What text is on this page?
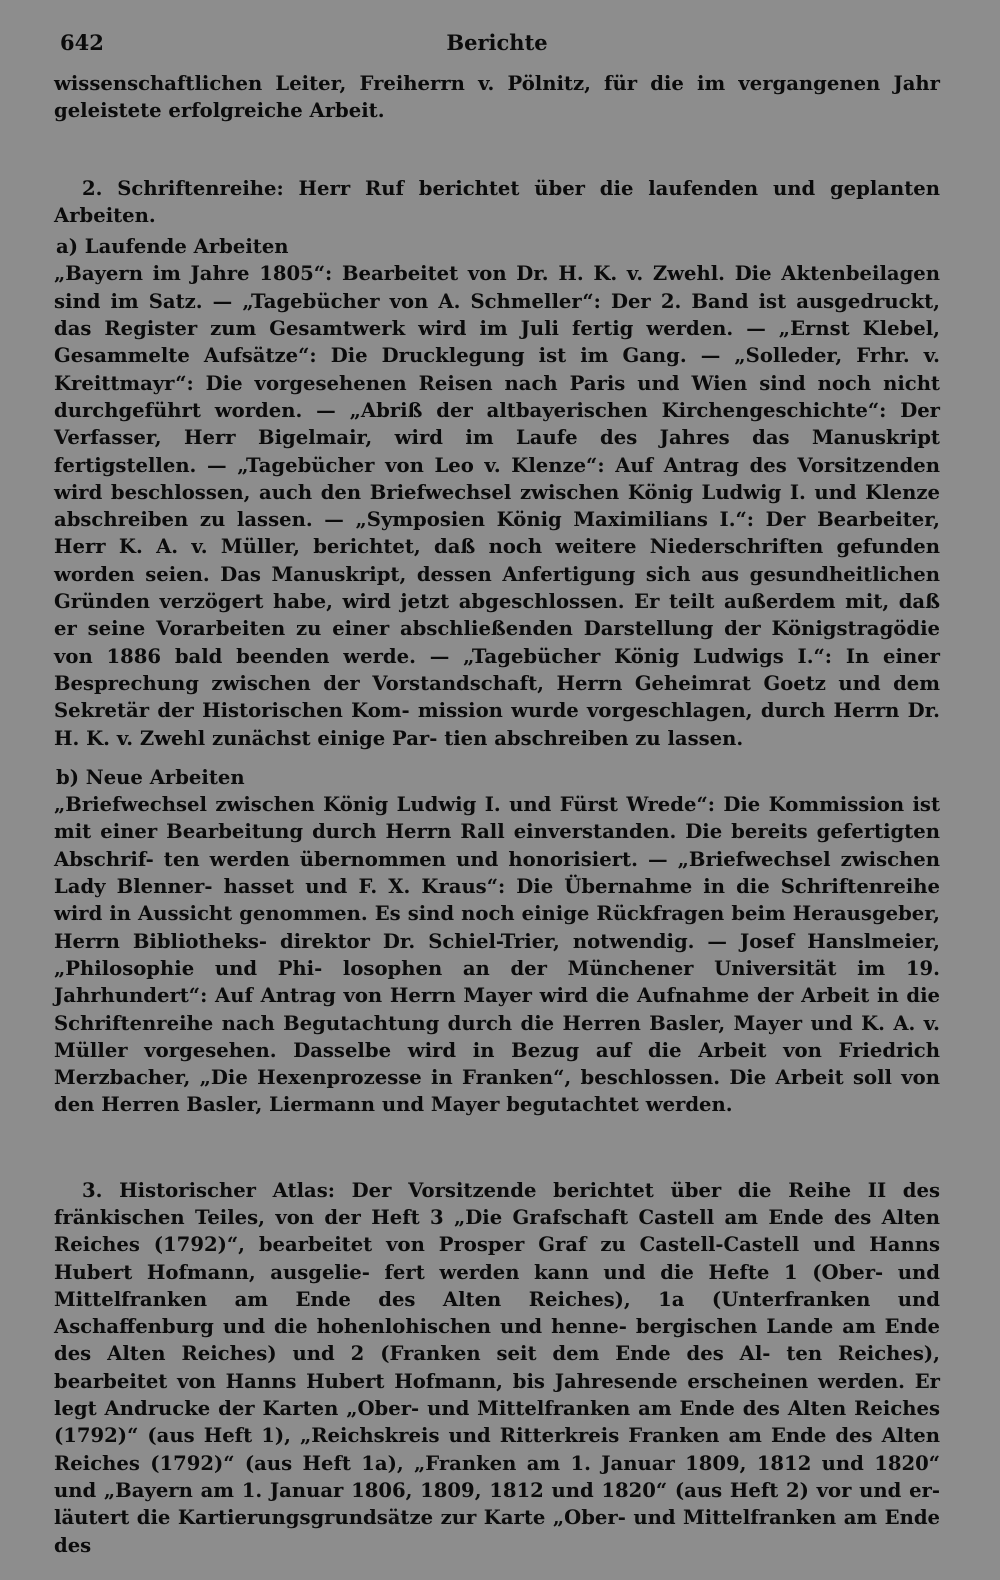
642	Berichte

wissenschaftlichen Leiter, Freiherrn v. Pölnitz, für die im vergangenen Jahr geleistete erfolgreiche Arbeit.

2. Schriftenreihe: Herr Ruf berichtet über die laufenden und geplanten Arbeiten.

a) Laufende Arbeiten

„Bayern im Jahre 1805“: Bearbeitet von Dr. H. K. v. Zwehl. Die Aktenbeilagen sind im Satz. — „Tagebücher von A. Schmeller“: Der 2. Band ist ausgedruckt, das Register zum Gesamtwerk wird im Juli fertig werden. — „Ernst Klebel, Gesammelte Aufsätze“: Die Drucklegung ist im Gang. — „Solleder, Frhr. v. Kreittmayr“: Die vorgesehenen Reisen nach Paris und Wien sind noch nicht durchgeführt worden. — „Abriß der altbayerischen Kirchengeschichte“: Der Verfasser, Herr Bigelmair, wird im Laufe des Jahres das Manuskript fertigstellen. — „Tagebücher von Leo v. Klenze“: Auf Antrag des Vorsitzenden wird beschlossen, auch den Briefwechsel zwischen König Ludwig I. und Klenze abschreiben zu lassen. — „Symposien König Maximilians I.“: Der Bearbeiter, Herr K. A. v. Müller, berichtet, daß noch weitere Niederschriften gefunden worden seien. Das Manuskript, dessen Anfertigung sich aus gesundheitlichen Gründen verzögert habe, wird jetzt abgeschlossen. Er teilt außerdem mit, daß er seine Vorarbeiten zu einer abschließenden Darstellung der Königstragödie von 1886 bald beenden werde. — „Tagebücher König Ludwigs I.“: In einer Besprechung zwischen der Vorstandschaft, Herrn Geheimrat Goetz und dem Sekretär der Historischen Kom- mission wurde vorgeschlagen, durch Herrn Dr. H. K. v. Zwehl zunächst einige Par- tien abschreiben zu lassen.

b) Neue Arbeiten

„Briefwechsel zwischen König Ludwig I. und Fürst Wrede“: Die Kommission ist mit einer Bearbeitung durch Herrn Rall einverstanden. Die bereits gefertigten Abschrif- ten werden übernommen und honorisiert. — „Briefwechsel zwischen Lady Blenner- hasset und F. X. Kraus“: Die Übernahme in die Schriftenreihe wird in Aussicht genommen. Es sind noch einige Rückfragen beim Herausgeber, Herrn Bibliotheks- direktor Dr. Schiel-Trier, notwendig. — Josef Hanslmeier, „Philosophie und Phi- losophen an der Münchener Universität im 19. Jahrhundert“: Auf Antrag von Herrn Mayer wird die Aufnahme der Arbeit in die Schriftenreihe nach Begutachtung durch die Herren Basler, Mayer und K. A. v. Müller vorgesehen. Dasselbe wird in Bezug auf die Arbeit von Friedrich Merzbacher, „Die Hexenprozesse in Franken“, beschlossen. Die Arbeit soll von den Herren Basler, Liermann und Mayer begutachtet werden.

3. Historischer Atlas: Der Vorsitzende berichtet über die Reihe II des fränkischen Teiles, von der Heft 3 „Die Grafschaft Castell am Ende des Alten Reiches (1792)“, bearbeitet von Prosper Graf zu Castell-Castell und Hanns Hubert Hofmann, ausgelie- fert werden kann und die Hefte 1 (Ober- und Mittelfranken am Ende des Alten Reiches), 1a (Unterfranken und Aschaffenburg und die hohenlohischen und henne- bergischen Lande am Ende des Alten Reiches) und 2 (Franken seit dem Ende des Al- ten Reiches), bearbeitet von Hanns Hubert Hofmann, bis Jahresende erscheinen werden. Er legt Andrucke der Karten „Ober- und Mittelfranken am Ende des Alten Reiches (1792)“ (aus Heft 1), „Reichskreis und Ritterkreis Franken am Ende des Alten Reiches (1792)“ (aus Heft 1a), „Franken am 1. Januar 1809, 1812 und 1820“ und „Bayern am 1. Januar 1806, 1809, 1812 und 1820“ (aus Heft 2) vor und er- läutert die Kartierungsgrundsätze zur Karte „Ober- und Mittelfranken am Ende des
